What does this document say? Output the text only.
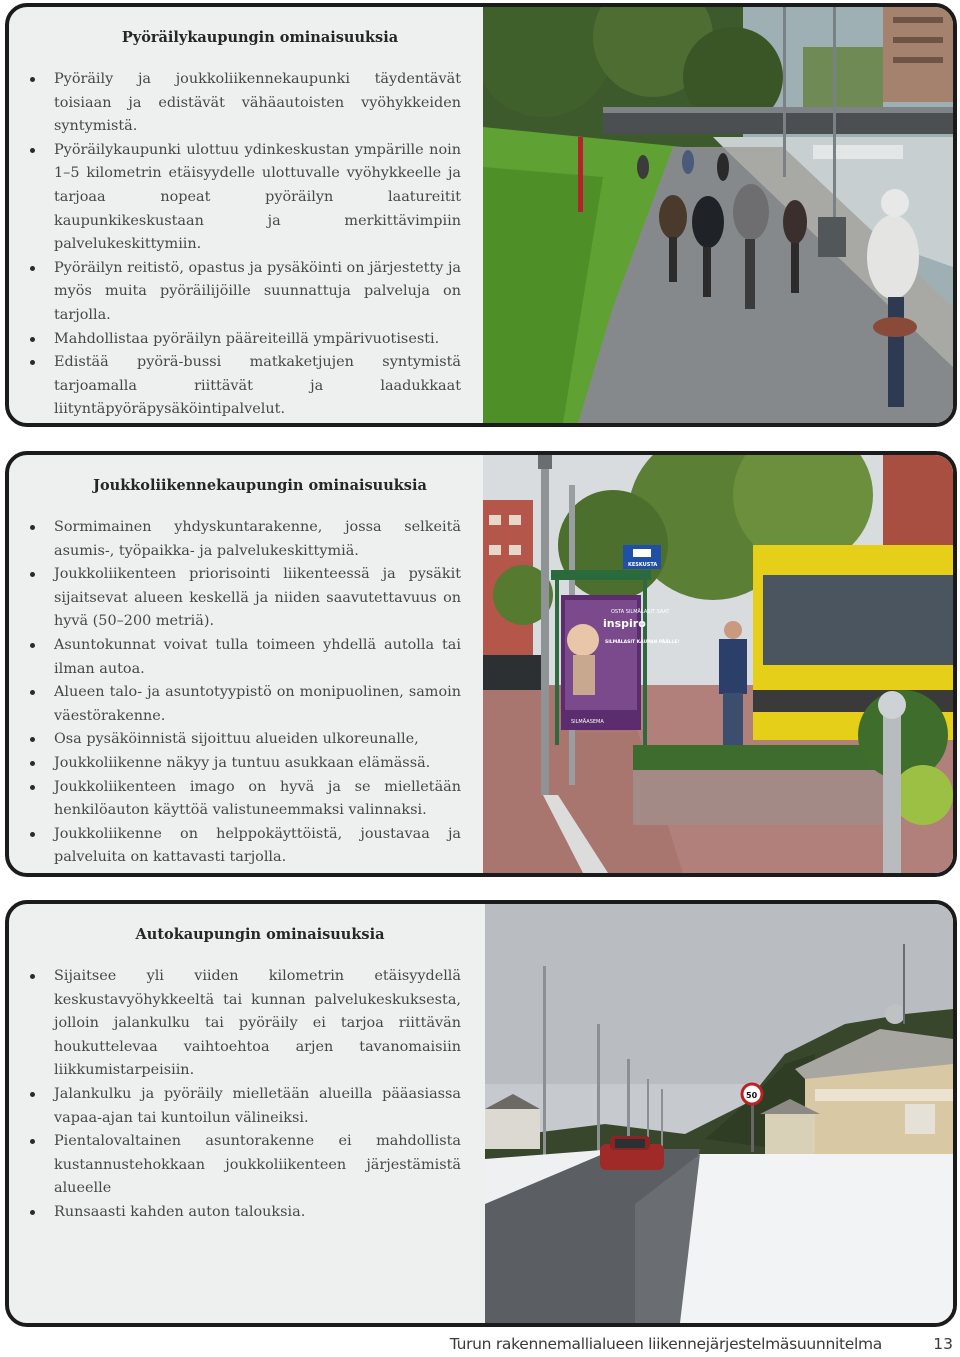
Pyöräilykaupungin ominaisuuksia
Pyöräily ja joukkoliikennekaupunki täydentävät toisiaan ja edistävät vähäautoisten vyöhykkeiden syntymistä.
Pyöräilykaupunki ulottuu ydinkeskustan ympärille noin 1–5 kilometrin etäisyydelle ulottuvalle vyöhykkeelle ja tarjoaa nopeat pyöräilyn laatureitit kaupunkikeskustaan ja merkittävimpiin palvelukeskittymiin.
Pyöräilyn reitistö, opastus ja pysäköinti on järjestetty ja myös muita pyöräilijöille suunnattuja palveluja on tarjolla.
Mahdollistaa pyöräilyn pääreiteillä ympärivuotisesti.
Edistää pyörä-bussi matkaketjujen syntymistä tarjoamalla riittävät ja laadukkaat liityntäpyöräpysäköintipalvelut.
Joukkoliikennekaupungin ominaisuuksia
Sormimainen yhdyskuntarakenne, jossa selkeitä asumis-, työpaikka- ja palvelukeskittymiä.
Joukkoliikenteen priorisointi liikenteessä ja pysäkit sijaitsevat alueen keskellä ja niiden saavutettavuus on hyvä (50–200 metriä).
Asuntokunnat voivat tulla toimeen yhdellä autolla tai ilman autoa.
Alueen talo- ja asuntotyypistö on monipuolinen, samoin väestörakenne.
Osa pysäköinnistä sijoittuu alueiden ulkoreunalle,
Joukkoliikenne näkyy ja tuntuu asukkaan elämässä.
Joukkoliikenteen imago on hyvä ja se mielletään henkilöauton käyttöä valistuneemmaksi valinnaksi.
Joukkoliikenne on helppokäyttöistä, joustavaa ja palveluita on kattavasti tarjolla.
OSTA SILMÄLASIT SAAT
inspiro
SILMÄLASIT KAUPAN PÄÄLLE!
SILMÄASEMA
KESKUSTA
Autokaupungin ominaisuuksia
Sijaitsee yli viiden kilometrin etäisyydellä keskustavyöhykkeeltä tai kunnan palvelukeskuksesta, jolloin jalankulku tai pyöräily ei tarjoa riittävän houkuttelevaa vaihtoehtoa arjen tavanomaisiin liikkumistarpeisiin.
Jalankulku ja pyöräily mielletään alueilla pääasiassa vapaa-ajan tai kuntoilun välineiksi.
Pientalovaltainen asuntorakenne ei mahdollista kustannustehokkaan joukkoliikenteen järjestämistä alueelle
Runsaasti kahden auton talouksia.
50
Turun rakennemallialueen liikennejärjestelmäsuunnitelma	13
